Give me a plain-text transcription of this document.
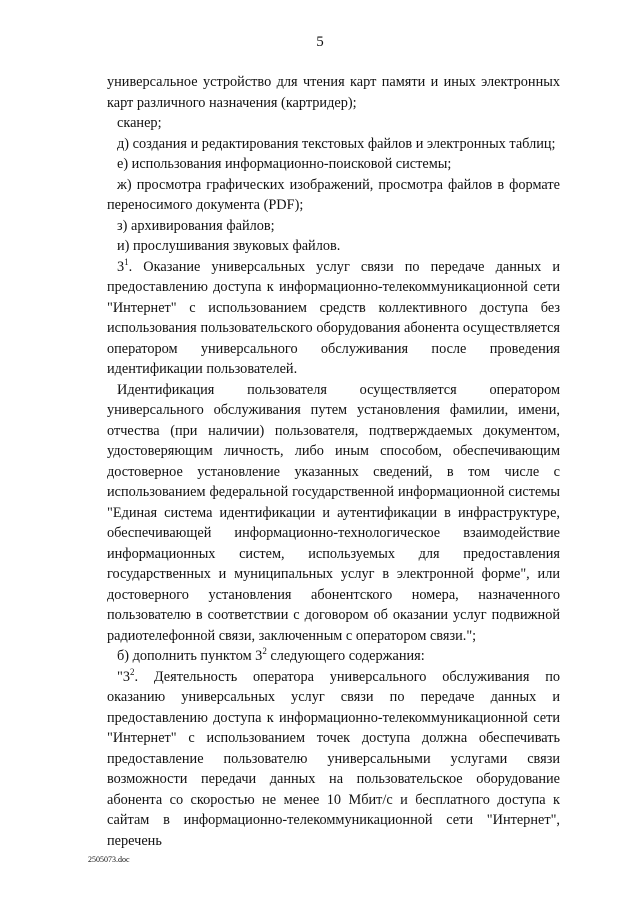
5

универсальное устройство для чтения карт памяти и иных электронных карт различного назначения (картридер);

сканер;

д) создания и редактирования текстовых файлов и электронных таблиц;

е) использования информационно-поисковой системы;

ж) просмотра графических изображений, просмотра файлов в формате переносимого документа (PDF);

з) архивирования файлов;

и) прослушивания звуковых файлов.

$3^1$. Оказание универсальных услуг связи по передаче данных и предоставлению доступа к информационно-телекоммуникационной сети "Интернет" с использованием средств коллективного доступа без использования пользовательского оборудования абонента осуществляется оператором универсального обслуживания после проведения идентификации пользователей.

Идентификация пользователя осуществляется оператором универсального обслуживания путем установления фамилии, имени, отчества (при наличии) пользователя, подтверждаемых документом, удостоверяющим личность, либо иным способом, обеспечивающим достоверное установление указанных сведений, в том числе с использованием федеральной государственной информационной системы "Единая система идентификации и аутентификации в инфраструктуре, обеспечивающей информационно-технологическое взаимодействие информационных систем, используемых для предоставления государственных и муниципальных услуг в электронной форме", или достоверного установления абонентского номера, назначенного пользователю в соответствии с договором об оказании услуг подвижной радиотелефонной связи, заключенным с оператором связи.";

б) дополнить пунктом $3^2$ следующего содержания:

"$3^2$. Деятельность оператора универсального обслуживания по оказанию универсальных услуг связи по передаче данных и предоставлению доступа к информационно-телекоммуникационной сети "Интернет" с использованием точек доступа должна обеспечивать предоставление пользователю универсальными услугами связи возможности передачи данных на пользовательское оборудование абонента со скоростью не менее 10 Мбит/с и бесплатного доступа к сайтам в информационно-телекоммуникационной сети "Интернет", перечень

2505073.doc
